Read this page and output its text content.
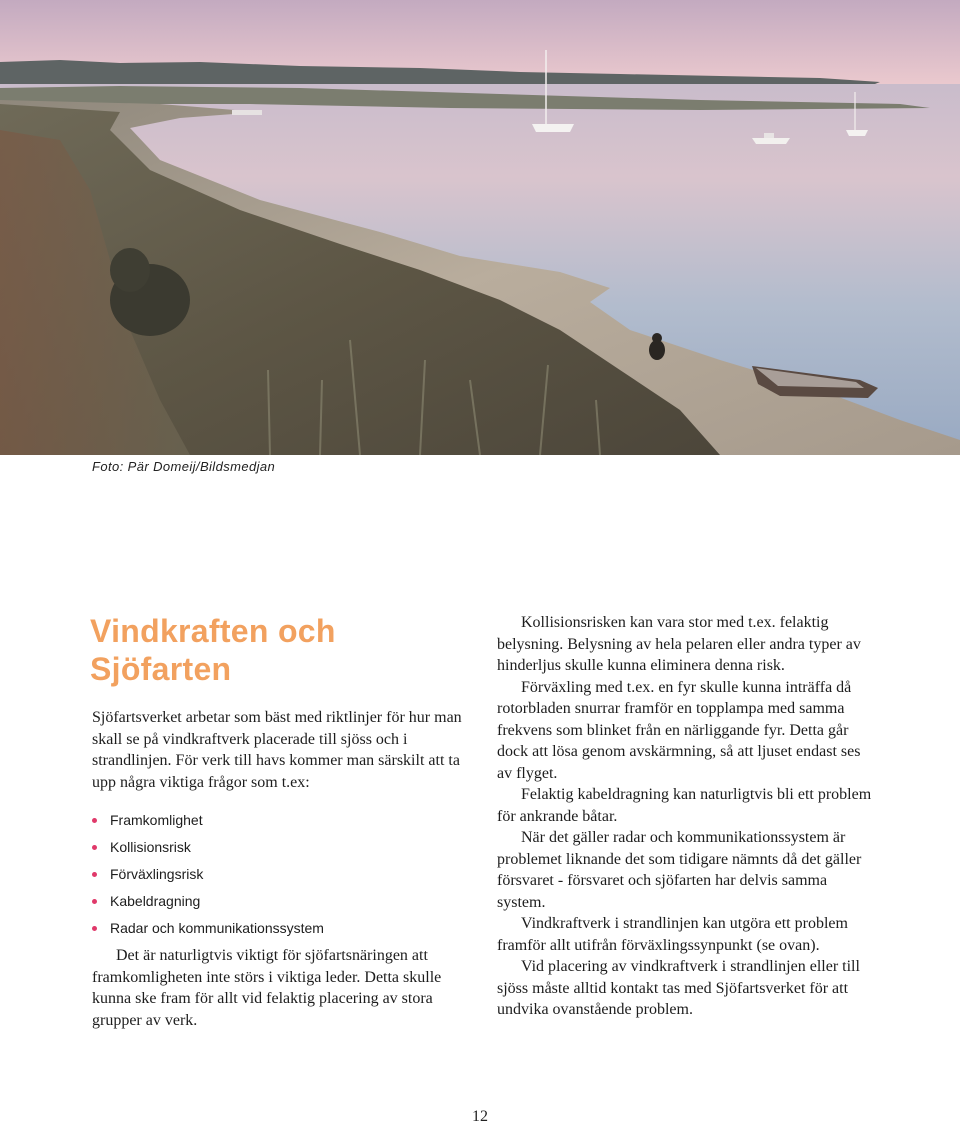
Foto: Pär Domeij/Bildsmedjan
Vindkraften och
Sjöfarten

Sjöfartsverket arbetar som bäst med riktlinjer för hur man skall se på vindkraftverk placerade till sjöss och i strandlinjen. För verk till havs kommer man särskilt att ta upp några viktiga frågor som t.ex:

Framkomlighet
Kollisionsrisk
Förväxlingsrisk
Kabeldragning
Radar och kommunikationssystem

Det är naturligtvis viktigt för sjöfartsnäringen att framkomligheten inte störs i viktiga leder. Detta skulle kunna ske fram för allt vid felaktig placering av stora grupper av verk.

Kollisionsrisken kan vara stor med t.ex. felaktig belysning. Belysning av hela pelaren eller andra typer av hinderljus skulle kunna eliminera denna risk.

Förväxling med t.ex. en fyr skulle kunna inträffa då rotorbladen snurrar framför en topplampa med samma frekvens som blinket från en närliggande fyr. Detta går dock att lösa genom avskärmning, så att ljuset endast ses av flyget.

Felaktig kabeldragning kan naturligtvis bli ett problem för ankrande båtar.

När det gäller radar och kommunikationssystem är problemet liknande det som tidigare nämnts då det gäller försvaret - försvaret och sjöfarten har delvis samma system.

Vindkraftverk i strandlinjen kan utgöra ett problem framför allt utifrån förväxlingssynpunkt (se ovan).

Vid placering av vindkraftverk i strandlinjen eller till sjöss måste alltid kontakt tas med Sjöfartsverket för att undvika ovanstående problem.

12
